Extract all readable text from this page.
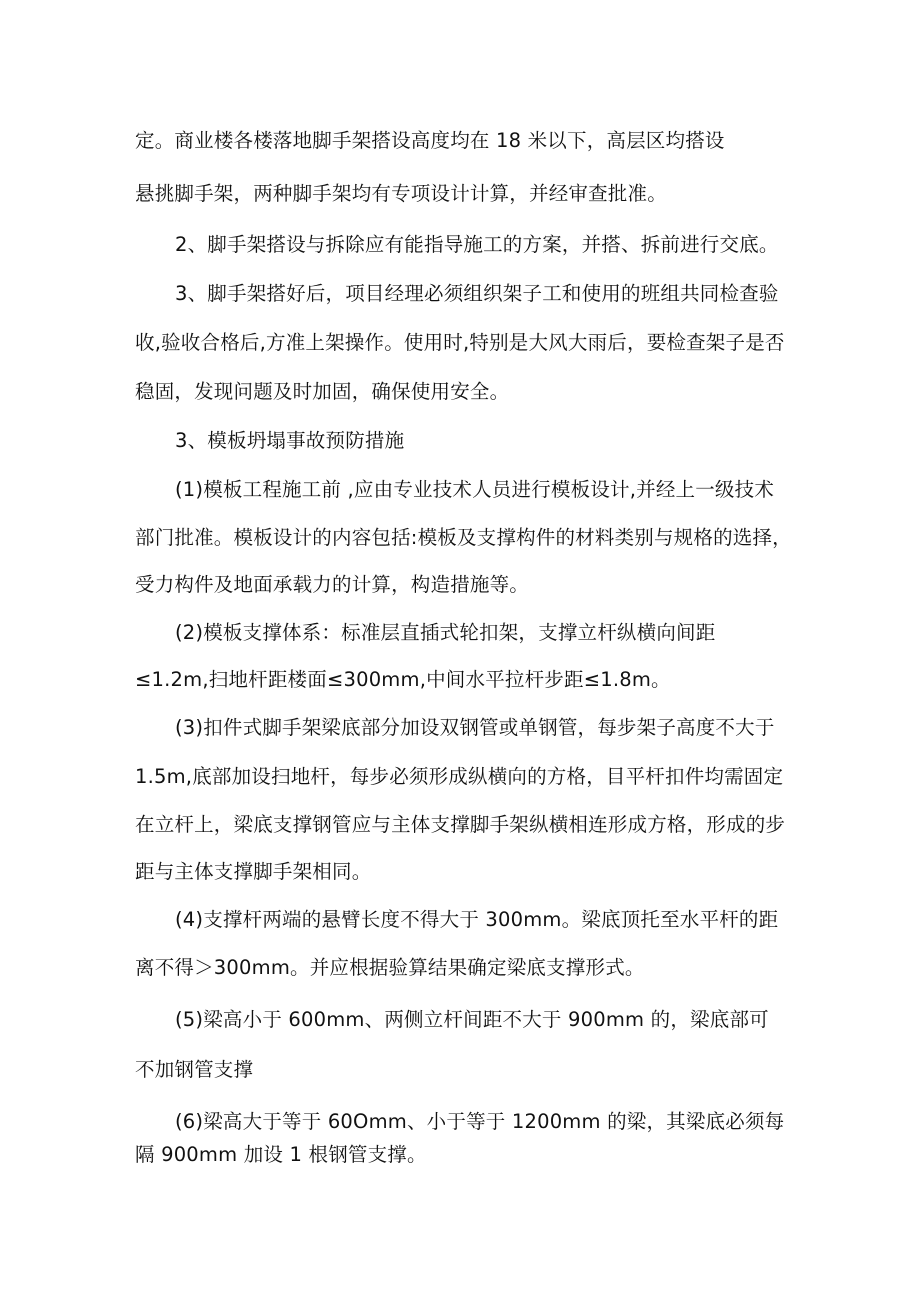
定。商业楼各楼落地脚手架搭设高度均在 18 米以下，高层区均搭设
悬挑脚手架，两种脚手架均有专项设计计算，并经审查批准。
2、脚手架搭设与拆除应有能指导施工的方案，并搭、拆前进行交底。
3、脚手架搭好后，项目经理必须组织架子工和使用的班组共同检查验
收,验收合格后,方准上架操作。使用时,特别是大风大雨后，要检查架子是否
稳固，发现问题及时加固，确保使用安全。
3、模板坍塌事故预防措施
(1)模板工程施工前 ,应由专业技术人员进行模板设计,并经上一级技术
部门批准。模板设计的内容包括:模板及支撑构件的材料类别与规格的选择，
受力构件及地面承载力的计算，构造措施等。
(2)模板支撑体系：标准层直插式轮扣架，支撑立杆纵横向间距
≤1.2m,扫地杆距楼面≤300mm,中间水平拉杆步距≤1.8m。
(3)扣件式脚手架梁底部分加设双钢管或单钢管，每步架子高度不大于
1.5m,底部加设扫地杆，每步必须形成纵横向的方格，目平杆扣件均需固定
在立杆上，梁底支撑钢管应与主体支撑脚手架纵横相连形成方格，形成的步
距与主体支撑脚手架相同。
(4)支撑杆两端的悬臂长度不得大于 300mm。梁底顶托至水平杆的距
离不得＞300mm。并应根据验算结果确定梁底支撑形式。
(5)梁高小于 600mm、两侧立杆间距不大于 900mm 的，梁底部可
不加钢管支撑
(6)梁高大于等于 60Omm、小于等于 1200mm 的梁，其梁底必须每
隔 900mm 加设 1 根钢管支撑。
